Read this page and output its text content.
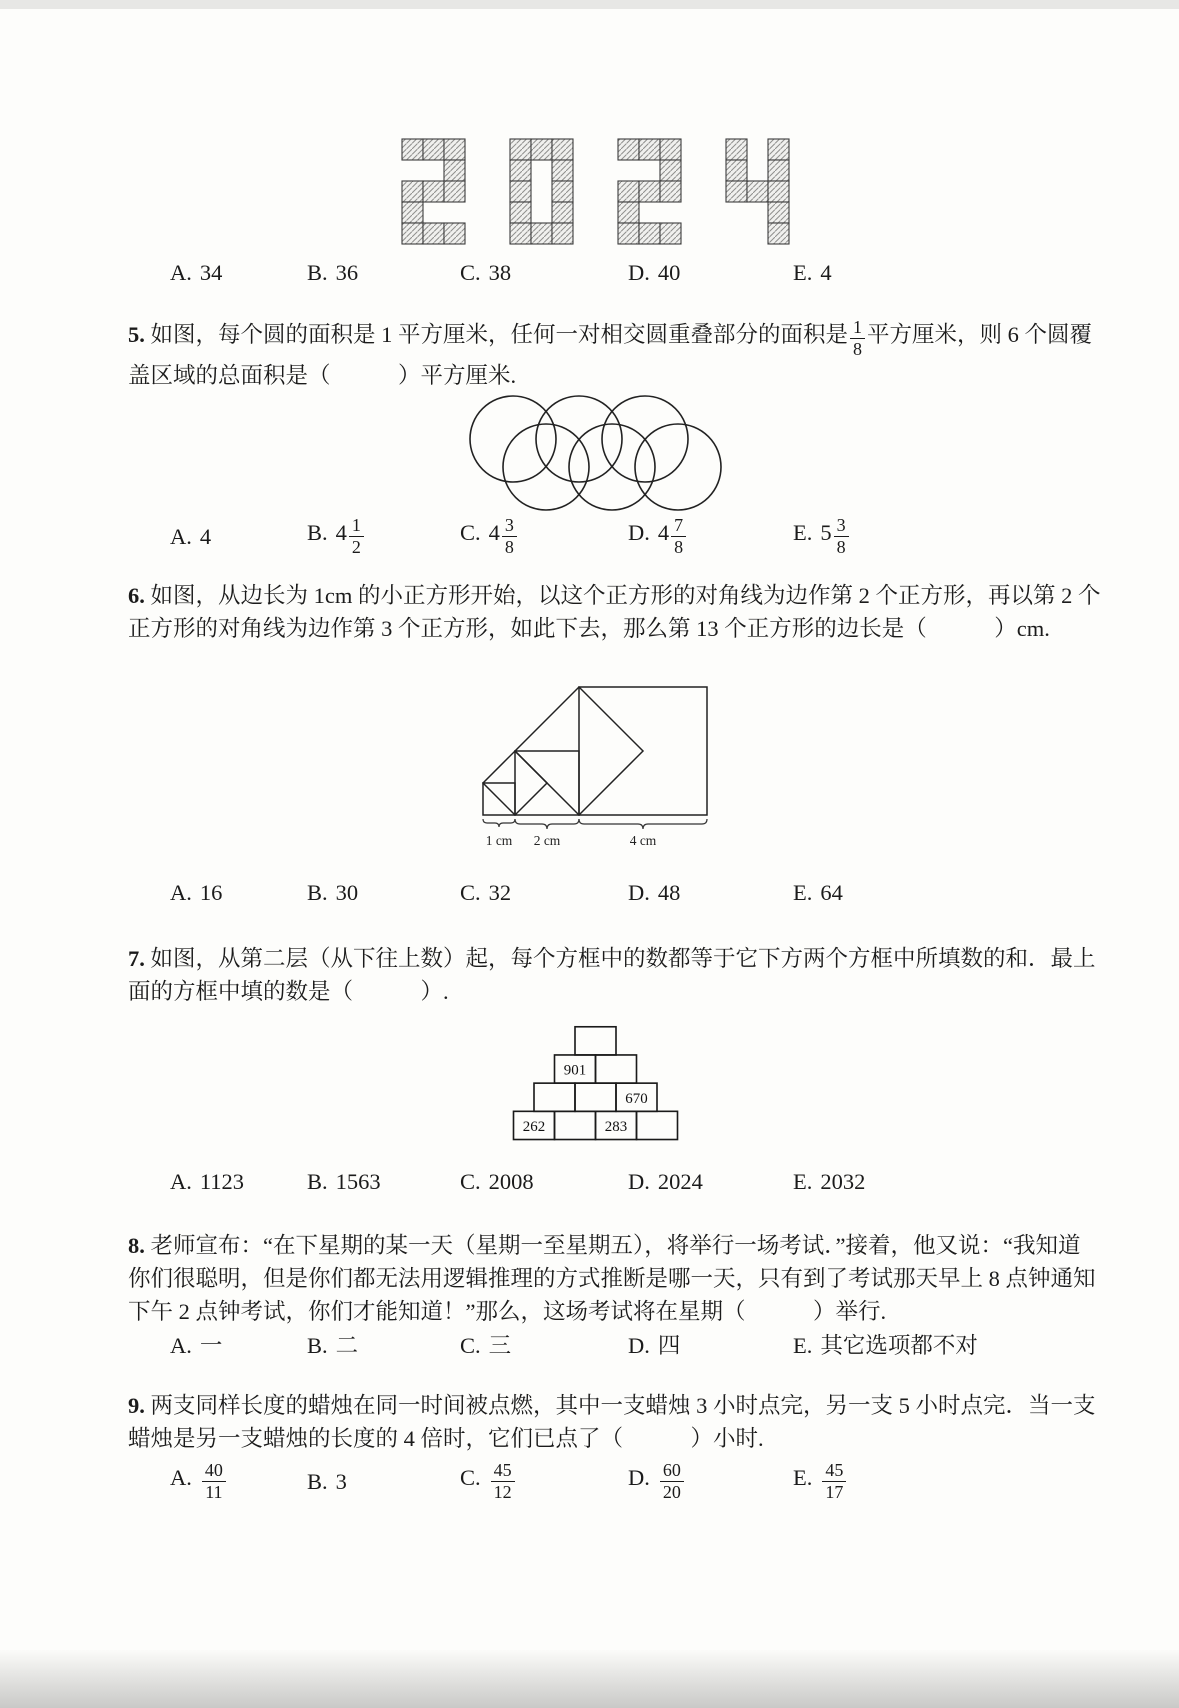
A. 34	B. 36	C. 38	D. 40	E. 4
5. 如图，每个圆的面积是 1 平方厘米，任何一对相交圆重叠部分的面积是 $\frac{1}{8}$ 平方厘米，则 6 个圆覆
盖区域的总面积是（　　　）平方厘米.
A. 4	B. $4 \frac{1}{2}$	C. $4 \frac{3}{8}$	D. $4 \frac{7}{8}$	E. $5 \frac{3}{8}$
6. 如图，从边长为 1cm 的小正方形开始，以这个正方形的对角线为边作第 2 个正方形，再以第 2 个
正方形的对角线为边作第 3 个正方形，如此下去，那么第 13 个正方形的边长是（　　　）cm.
1 cm 2 cm	4 cm
A. 16	B. 30	C. 32	D. 48	E. 64
7. 如图，从第二层（从下往上数）起，每个方框中的数都等于它下方两个方框中所填数的和．最上
面的方框中填的数是（　　　）.
901
670
262	283
A. 1123	B. 1563	C. 2008	D. 2024	E. 2032
8. 老师宣布：“在下星期的某一天（星期一至星期五），将举行一场考试．”接着，他又说：“我知道
你们很聪明，但是你们都无法用逻辑推理的方式推断是哪一天，只有到了考试那天早上 8 点钟通知
下午 2 点钟考试，你们才能知道！”那么，这场考试将在星期（　　　）举行.
A. 一	B. 二	C. 三	D. 四	E. 其它选项都不对
9. 两支同样长度的蜡烛在同一时间被点燃，其中一支蜡烛 3 小时点完，另一支 5 小时点完．当一支
蜡烛是另一支蜡烛的长度的 4 倍时，它们已点了（　　　）小时.
A. $\frac{40}{11}$	B. 3	C. $\frac{45}{12}$	D. $\frac{60}{20}$	E. $\frac{45}{17}$
